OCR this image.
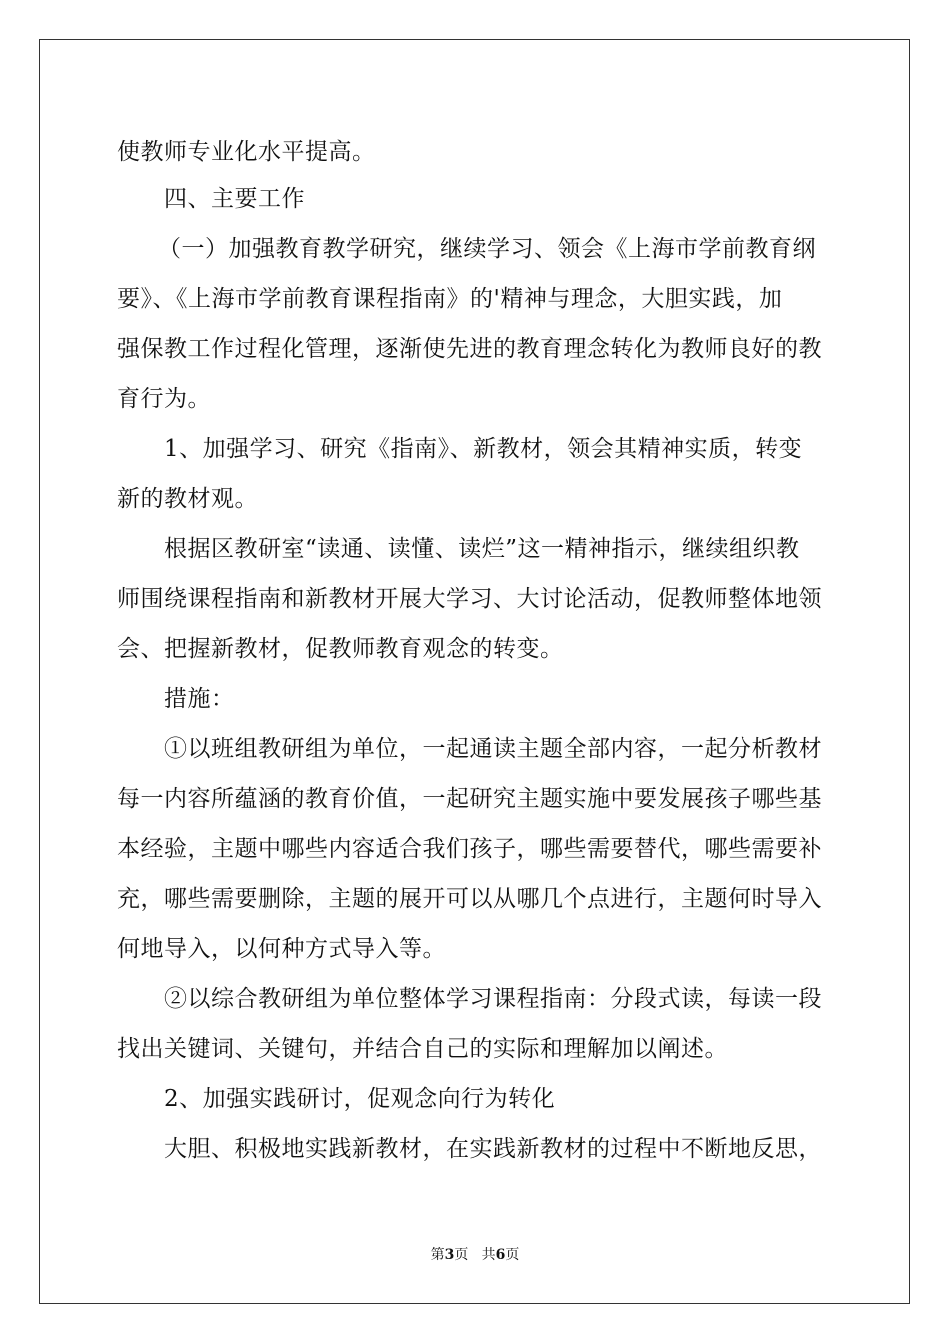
使教师专业化水平提高。
四、主要工作
（一）加强教育教学研究，继续学习、领会《上海市学前教育纲
要》、《上海市学前教育课程指南》的'精神与理念，大胆实践，加
强保教工作过程化管理，逐渐使先进的教育理念转化为教师良好的教
育行为。
1、加强学习、研究《指南》、新教材，领会其精神实质，转变
新的教材观。
根据区教研室“读通、读懂、读烂”这一精神指示，继续组织教
师围绕课程指南和新教材开展大学习、大讨论活动，促教师整体地领
会、把握新教材，促教师教育观念的转变。
措施：
①以班组教研组为单位，一起通读主题全部内容，一起分析教材
每一内容所蕴涵的教育价值，一起研究主题实施中要发展孩子哪些基
本经验，主题中哪些内容适合我们孩子，哪些需要替代，哪些需要补
充，哪些需要删除，主题的展开可以从哪几个点进行，主题何时导入
何地导入，以何种方式导入等。
②以综合教研组为单位整体学习课程指南：分段式读，每读一段
找出关键词、关键句，并结合自己的实际和理解加以阐述。
2、加强实践研讨，促观念向行为转化
大胆、积极地实践新教材，在实践新教材的过程中不断地反思，
第3页 共6页
